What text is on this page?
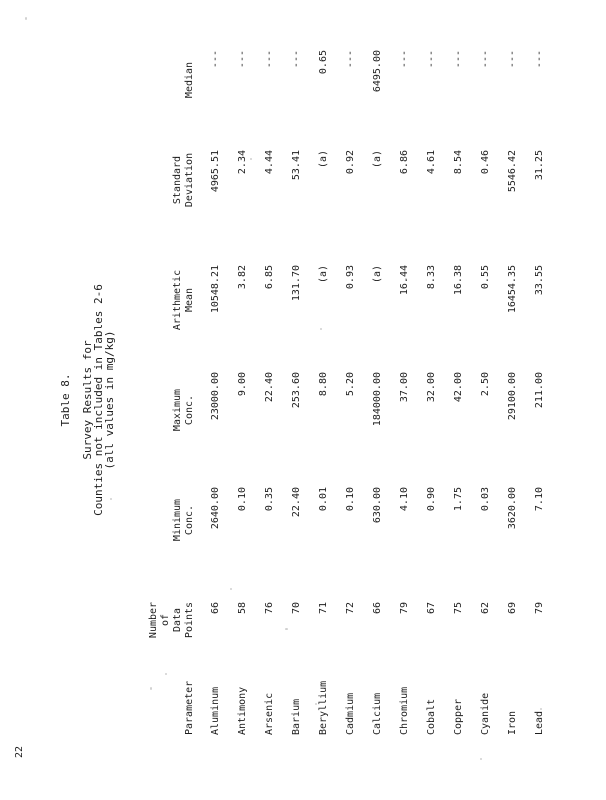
Table 8. Survey Results for
Counties not included in Tables 2-6
(all values in mg/kg)
Parameter
Number of Data Points
Minimum Conc.
Maximum Conc.
Arithmetic Mean
Standard Deviation
Median
Aluminum
66
2640.00
23000.00
10548.21
4965.51
---
Antimony
58
0.10
9.00
3.82
2.34
---
Arsenic
76
0.35
22.40
6.85
4.44
---
Barium
70
22.40
253.60
131.70
53.41
---
Beryllium
71
0.01
8.80
(a)
(a)
0.65
Cadmium
72
0.10
5.20
0.93
0.92
---
Calcium
66
630.00
184000.00
(a)
(a)
6495.00
Chromium
79
4.10
37.00
16.44
6.86
---
Cobalt
67
0.90
32.00
8.33
4.61
---
Copper
75
1.75
42.00
16.38
8.54
---
Cyanide
62
0.03
2.50
0.55
0.46
---
Iron
69
3620.00
29100.00
16454.35
5546.42
---
Lead
79
7.10
211.00
33.55
31.25
---
22
